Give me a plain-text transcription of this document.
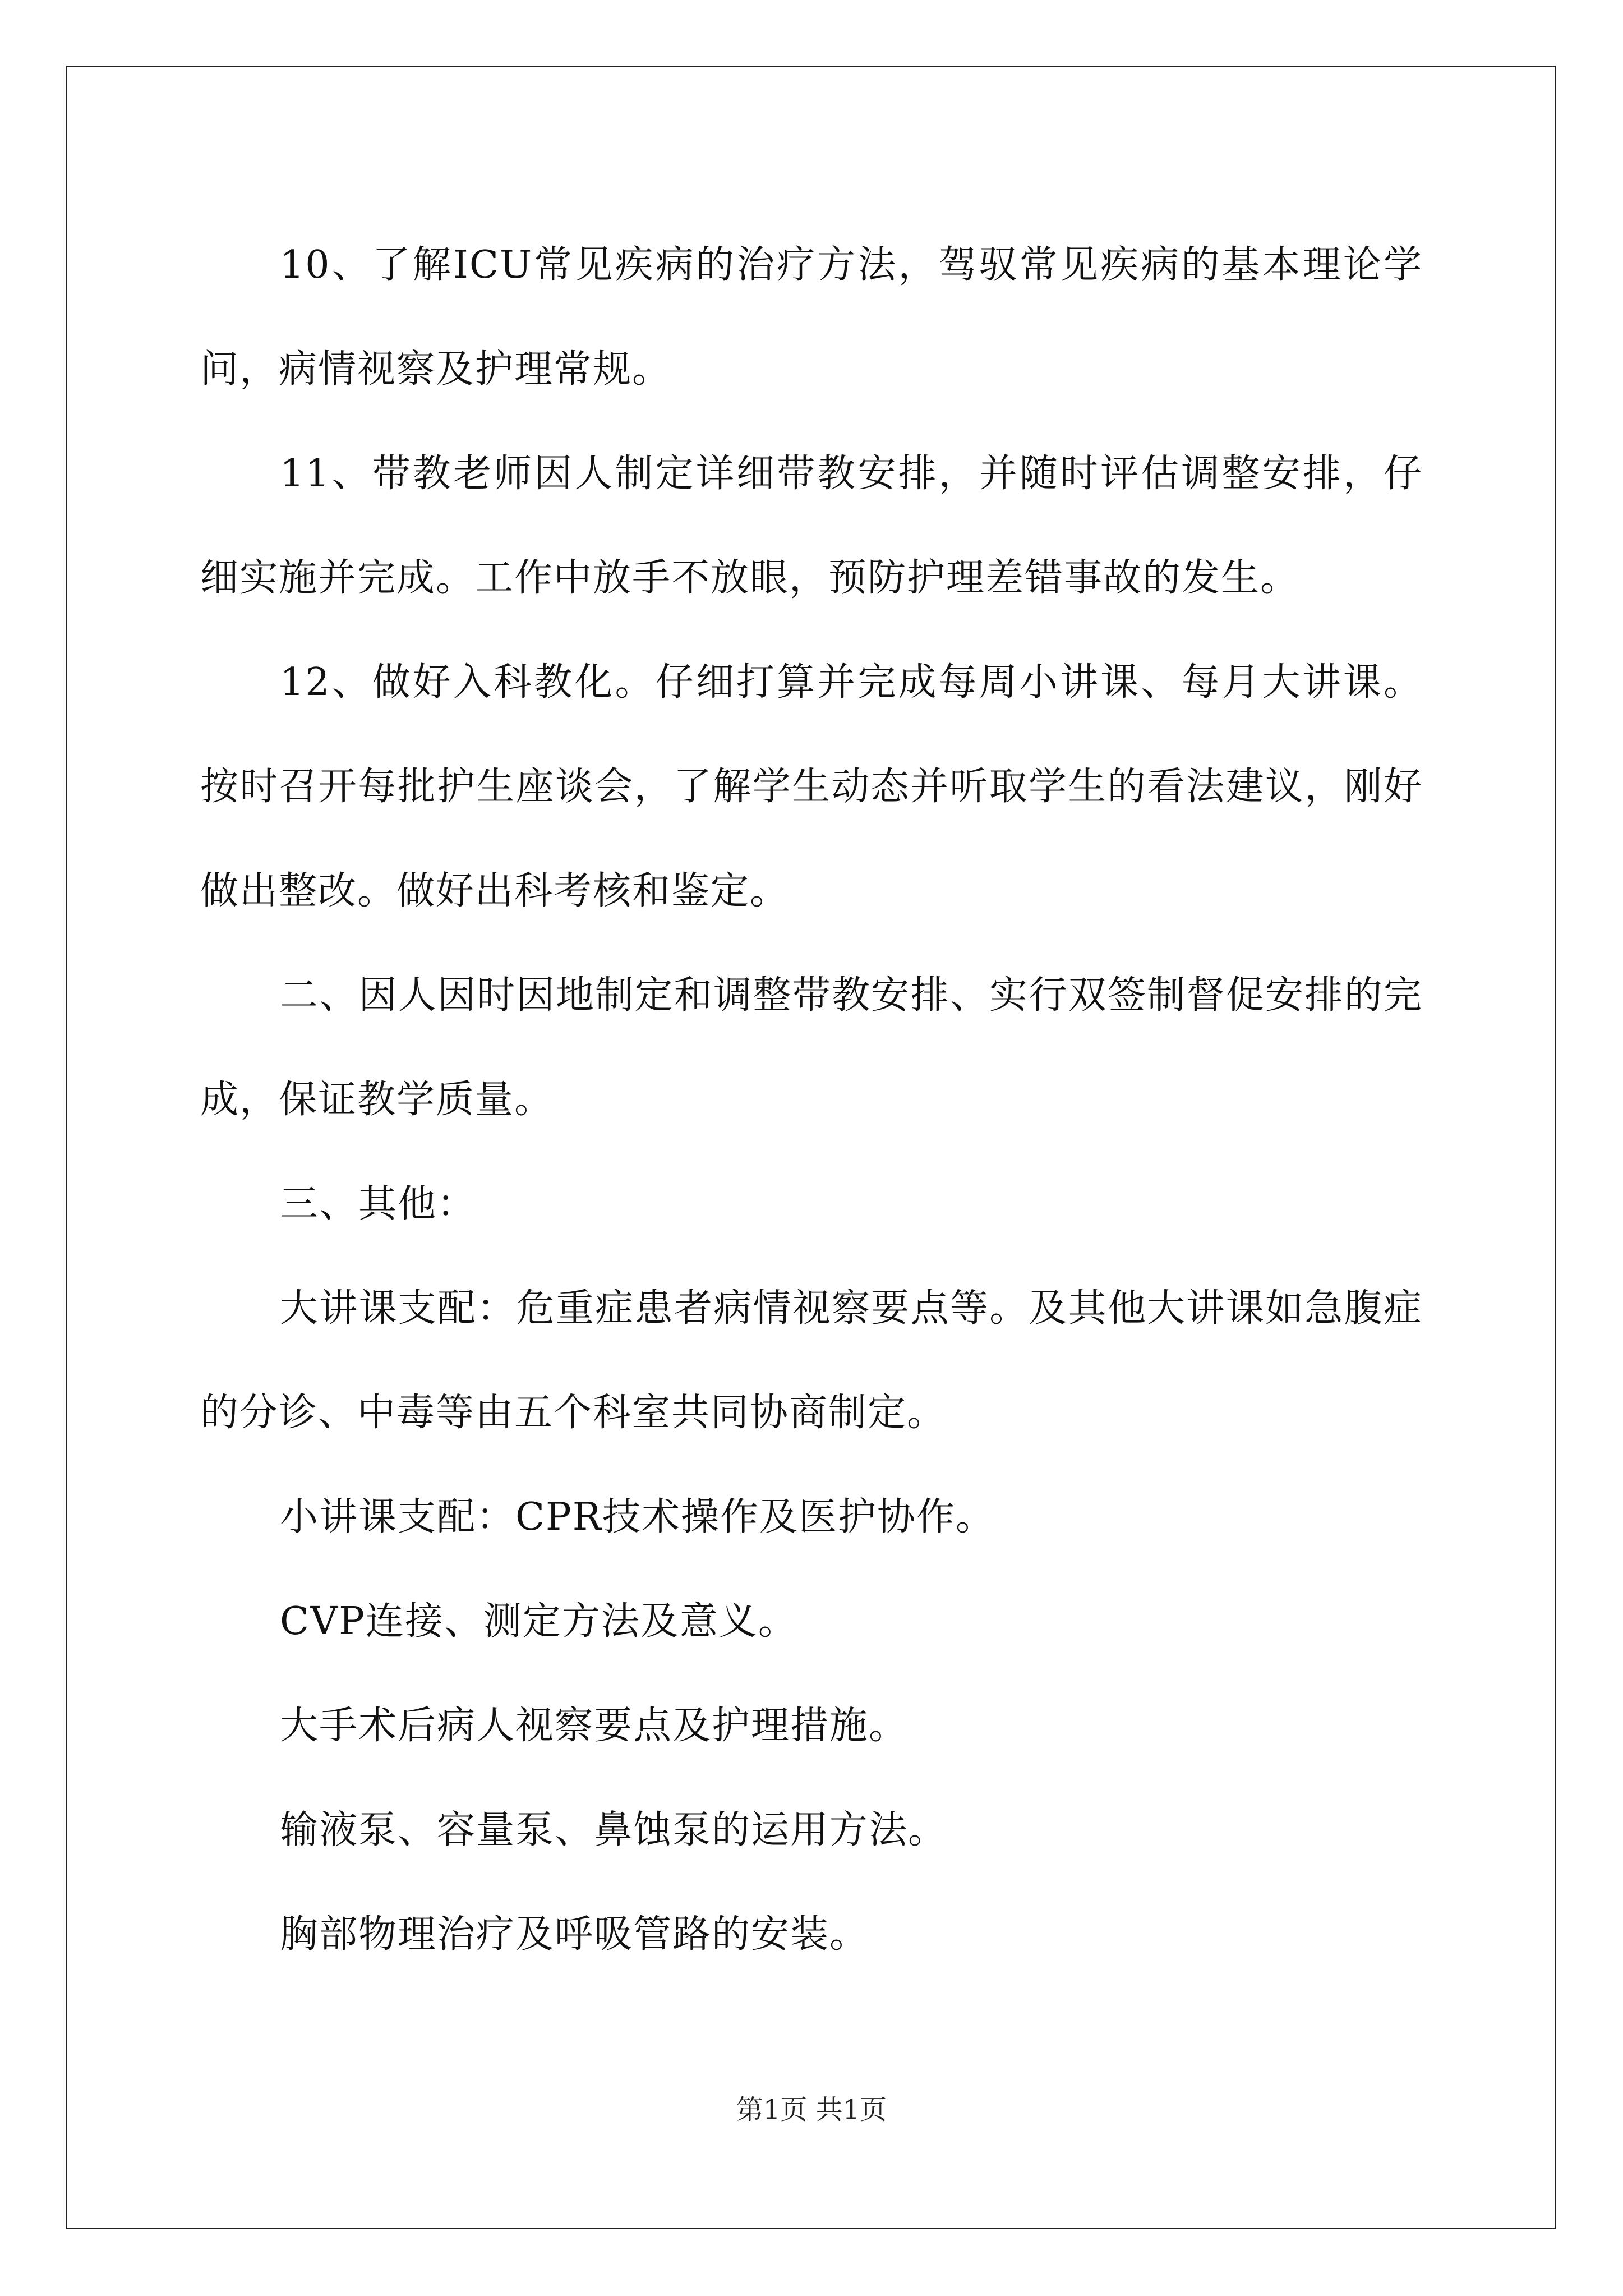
10、了解ICU常见疾病的治疗方法，驾驭常见疾病的基本理论学问，病情视察及护理常规。

11、带教老师因人制定详细带教安排，并随时评估调整安排，仔细实施并完成。工作中放手不放眼，预防护理差错事故的发生。

12、做好入科教化。仔细打算并完成每周小讲课、每月大讲课。按时召开每批护生座谈会，了解学生动态并听取学生的看法建议，刚好做出整改。做好出科考核和鉴定。

二、因人因时因地制定和调整带教安排、实行双签制督促安排的完成，保证教学质量。

三、其他：

大讲课支配：危重症患者病情视察要点等。及其他大讲课如急腹症的分诊、中毒等由五个科室共同协商制定。

小讲课支配：CPR技术操作及医护协作。

CVP连接、测定方法及意义。

大手术后病人视察要点及护理措施。

输液泵、容量泵、鼻蚀泵的运用方法。

胸部物理治疗及呼吸管路的安装。

第1页 共1页
